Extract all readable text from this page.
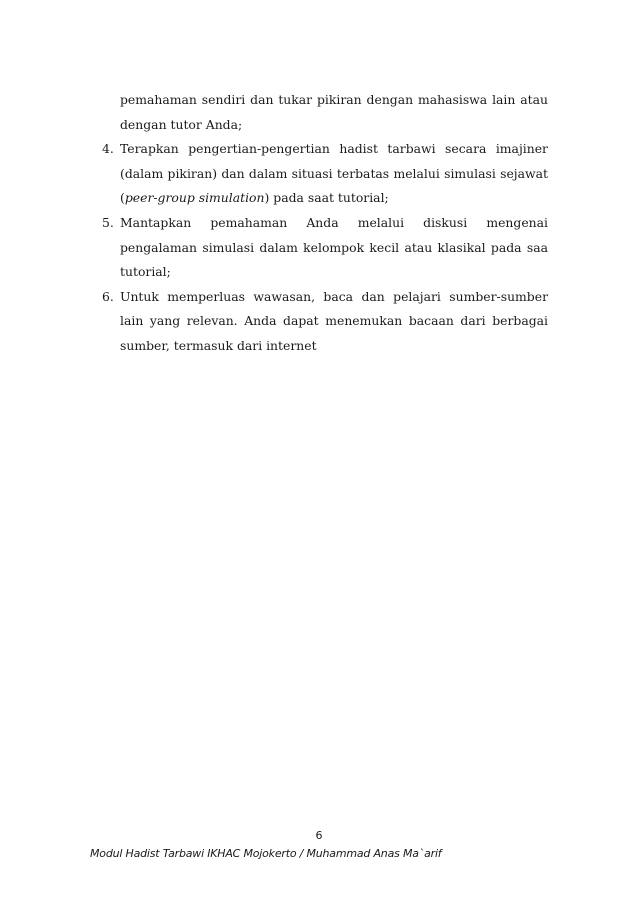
pemahaman sendiri dan tukar pikiran dengan mahasiswa lain atau dengan tutor Anda;

4. Terapkan pengertian-pengertian hadist tarbawi secara imajiner (dalam pikiran) dan dalam situasi terbatas melalui simulasi sejawat (peer-group simulation) pada saat tutorial;
5. Mantapkan pemahaman Anda melalui diskusi mengenai pengalaman simulasi dalam kelompok kecil atau klasikal pada saa tutorial;
6. Untuk memperluas wawasan, baca dan pelajari sumber-sumber lain yang relevan. Anda dapat menemukan bacaan dari berbagai sumber, termasuk dari internet
6
Modul Hadist Tarbawi IKHAC Mojokerto / Muhammad Anas Ma`arif
